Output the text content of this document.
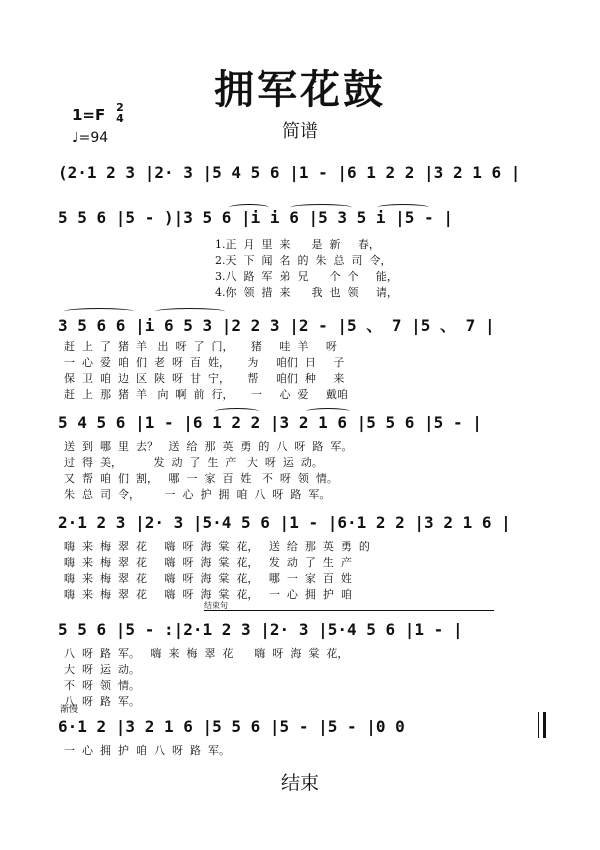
拥军花鼓
简谱
1=F 2
4
♩=94
(2·1 2 3 |2· 3 |5 4 5 6 |1 - |6 1 2 2 |3 2 1 6 |
5 5 6 |5 - )|3 5 6 |i i 6 |5 3 5 i |5 - |
1.正  月  里  来      是  新     春，
2.天  下  闻  名  的  朱  总  司  令，
3.八  路  军  弟  兄      个  个     能，
4.你  领  措  来      我  也  领     请，
3 5 6 6 |i 6 5 3 |2 2 3 |2 - |5 、 7 |5 、 7 |
赶  上  了  猪  羊   出  呀  了  门，     猪     哇  羊     呀
一  心  爱  咱  们  老  呀  百  姓，     为     咱们  日     子
保  卫  咱  边  区  陕  呀  甘  宁，     帮     咱们  种     来
赶  上  那  猪  羊   向  啊  前  行，     一     心  爱     戴咱
5 4 5 6 |1 - |6 1 2 2 |3 2 1 6 |5 5 6 |5 - |
送  到  哪  里  去？   送  给  那  英  勇  的  八  呀  路  军。
过  得  美，         发  动  了  生  产   大  呀  运  动。
又  帮  咱  们  割，   哪  一  家  百  姓   不  呀  领  情。
朱  总  司  令，       一  心  护  拥  咱  八  呀  路  军。
2·1 2 3 |2· 3 |5·4 5 6 |1 - |6·1 2 2 |3 2 1 6 |
嗨  来  梅  翠  花     嗨  呀  海  棠  花，   送  给  那  英  勇  的
嗨  来  梅  翠  花     嗨  呀  海  棠  花，   发  动  了  生  产
嗨  来  梅  翠  花     嗨  呀  海  棠  花，   哪  一  家  百  姓
嗨  来  梅  翠  花     嗨  呀  海  棠  花，   一  心  拥  护  咱
结束句
5 5 6 |5 - :|2·1 2 3 |2· 3 |5·4 5 6 |1 - |
八  呀  路  军。   嗨  来  梅  翠  花      嗨  呀  海  棠  花，
大  呀  运  动。
不  呀  领  情。
八  呀  路  军。
渐慢
6·1 2 |3 2 1 6 |5 5 6 |5 - |5 - |0 0
一  心  拥  护  咱  八  呀  路  军。
结束
